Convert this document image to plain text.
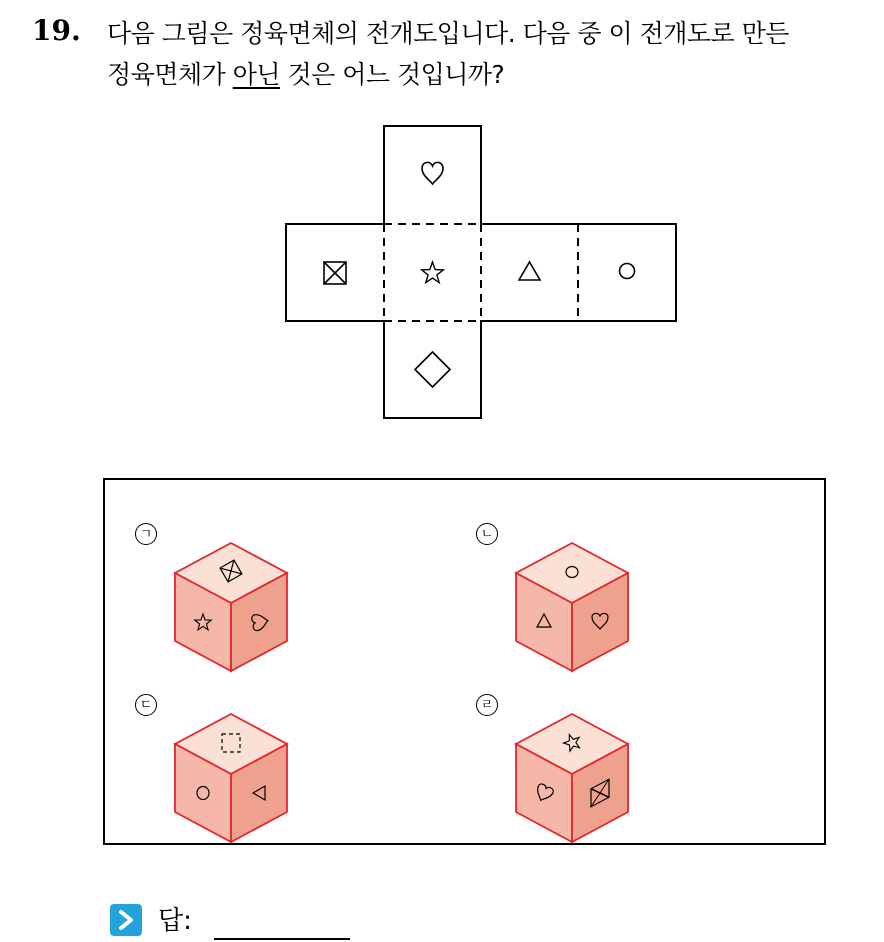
19. 다음 그림은 정육면체의 전개도입니다. 다음 중 이 전개도로 만든
정육면체가 아닌 것은 어느 것입니까?
ㄱ	ㄴ
ㄷ	ㄹ
답:
